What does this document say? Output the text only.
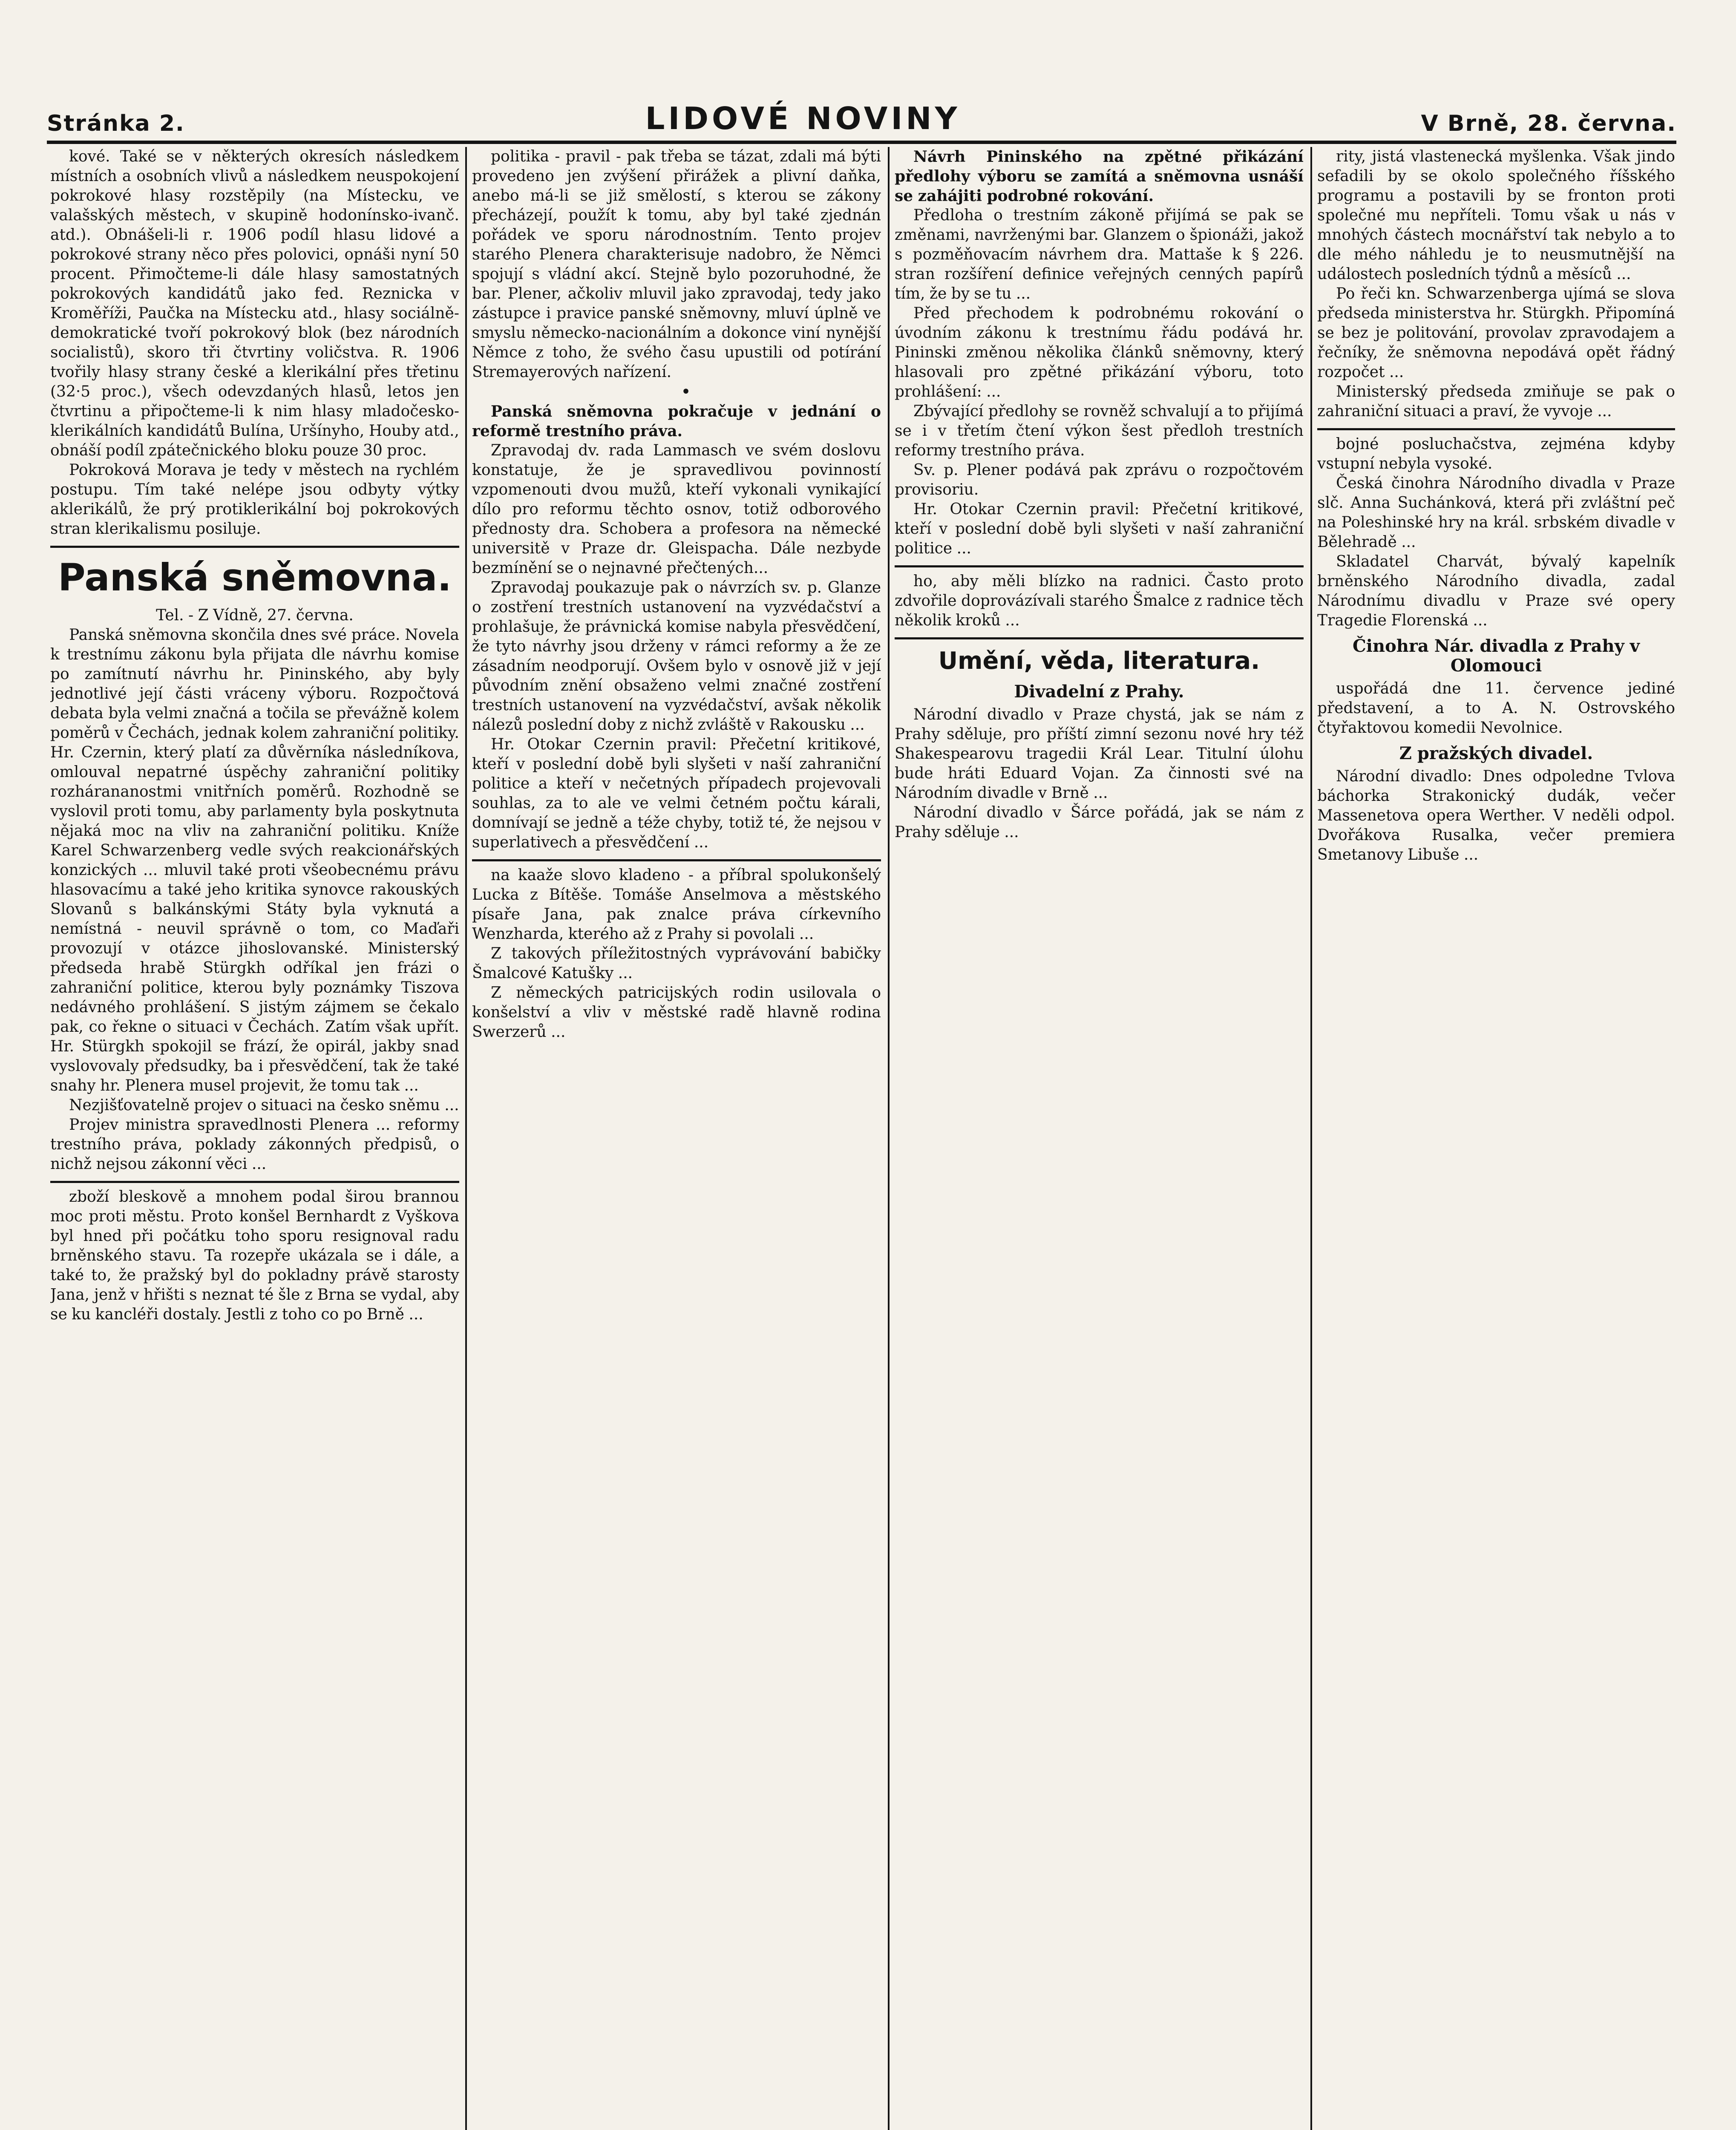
Stránka 2.	LIDOVÉ NOVINY	V Brně, 28. června.

kové. Také se v některých okresích následkem místních a osobních vlivů a následkem neuspokojení pokrokové hlasy rozstěpily (na Místecku, ve valašských městech, v skupině hodonínsko-ivanč. atd.). Obnášeli-li r. 1906 podíl hlasu lidové a pokrokové strany něco přes polovici, opnáši nyní 50 procent. Přimočteme-li dále hlasy samostatných pokrokových kandidátů jako fed. Reznicka v Kroměříži, Paučka na Místecku atd., hlasy sociálně-demokratické tvoří pokrokový blok (bez národních socialistů), skoro tři čtvrtiny voličstva. R. 1906 tvořily hlasy strany české a klerikální přes třetinu (32·5 proc.), všech odevzdaných hlasů, letos jen čtvrtinu a připočteme-li k nim hlasy mladočesko-klerikálních kandidátů Bulína, Uršínyho, Houby atd., obnáší podíl zpátečnického bloku pouze 30 proc.

Pokroková Morava je tedy v městech na rychlém postupu. Tím také nelépe jsou odbyty výtky aklerikálů, že prý protiklerikální boj pokrokových stran klerikalismu posiluje.

Panská sněmovna.

Tel. - Z Vídně, 27. června.

Panská sněmovna skončila dnes své práce. Novela k trestnímu zákonu byla přijata dle návrhu komise po zamítnutí návrhu hr. Pininského, aby byly jednotlivé její části vráceny výboru. Rozpočtová debata byla velmi značná a točila se převážně kolem poměrů v Čechách, jednak kolem zahraniční politiky. Hr. Czernin, který platí za důvěrníka následníkova, omlouval nepatrné úspěchy zahraniční politiky rozhárananostmi vnitřních poměrů. Rozhodně se vyslovil proti tomu, aby parlamenty byla poskytnuta nějaká moc na vliv na zahraniční politiku. Kníže Karel Schwarzenberg vedle svých reakcionářských konzických ... mluvil také proti všeobecnému právu hlasovacímu a také jeho kritika synovce rakouských Slovanů s balkánskými Státy byla vyknutá a nemístná - neuvil správně o tom, co Maďaři provozují v otázce jihoslovanské. Ministerský předseda hrabě Stürgkh odříkal jen frázi o zahraniční politice, kterou byly poznámky Tiszova nedávného prohlášení. S jistým zájmem se čekalo pak, co řekne o situaci v Čechách. Zatím však upřít. Hr. Stürgkh spokojil se frází, že opirál, jakby snad vyslovovaly předsudky, ba i přesvědčení, tak že také snahy hr. Plenera musel projevit, že tomu tak ...

Nezjišťovatelně projev o situaci na česko sněmu ...

Projev ministra spravedlnosti Plenera ... reformy trestního práva, poklady zákonných předpisů, o nichž nejsou zákonní věci ...

zboží bleskově a mnohem podal širou brannou moc proti městu. Proto konšel Bernhardt z Vyškova byl hned při počátku toho sporu resignoval radu brněnského stavu. Ta rozepře ukázala se i dále, a také to, že pražský byl do pokladny právě starosty Jana, jenž v hřišti s neznat té šle z Brna se vydal, aby se ku kancléři dostaly. Jestli z toho co po Brně ...

politika - pravil - pak třeba se tázat, zdali má býti provedeno jen zvýšení přirážek a plivní daňka, anebo má-li se již smělostí, s kterou se zákony přecházejí, použít k tomu, aby byl také zjednán pořádek ve sporu národnostním. Tento projev starého Plenera charakterisuje nadobro, že Němci spojují s vládní akcí. Stejně bylo pozoruhodné, že bar. Plener, ačkoliv mluvil jako zpravodaj, tedy jako zástupce i pravice panské sněmovny, mluví úplně ve smyslu německo-nacionálním a dokonce viní nynější Němce z toho, že svého času upustili od potírání Stremayerových nařízení.

•

Panská sněmovna pokračuje v jednání o reformě trestního práva.

Zpravodaj dv. rada Lammasch ve svém doslovu konstatuje, že je spravedlivou povinností vzpomenouti dvou mužů, kteří vykonali vynikající dílo pro reformu těchto osnov, totiž odborového přednosty dra. Schobera a profesora na německé universitě v Praze dr. Gleispacha. Dále nezbyde bezmínění se o nejnavné přečtených...

Zpravodaj poukazuje pak o návrzích sv. p. Glanze o zostření trestních ustanovení na vyzvédačství a prohlašuje, že právnická komise nabyla přesvědčení, že tyto návrhy jsou drženy v rámci reformy a že ze zásadním neodporují. Ovšem bylo v osnově již v její původním znění obsaženo velmi značné zostření trestních ustanovení na vyzvédačství, avšak několik nálezů poslední doby z nichž zvláště v Rakousku ...

Hr. Otokar Czernin pravil: Přečetní kritikové, kteří v poslední době byli slyšeti v naší zahraniční politice a kteří v nečetných případech projevovali souhlas, za to ale ve velmi četném počtu kárali, domnívají se jedně a téže chyby, totiž té, že nejsou v superlativech a přesvědčení ...

na kaaže slovo kladeno - a příbral spolukonšelý Lucka z Bítěše. Tomáše Anselmova a městského písaře Jana, pak znalce práva církevního Wenzharda, kterého až z Prahy si povolali ...

Z takových příležitostných vyprávování babičky Šmalcové Katušky ...

Z německých patricijských rodin usilovala o konšelství a vliv v městské radě hlavně rodina Swerzerů ...

Návrh Pininského na zpětné přikázání předlohy výboru se zamítá a sněmovna usnáší se zahájiti podrobné rokování.

Předloha o trestním zákoně přijímá se pak se změnami, navrženými bar. Glanzem o špionáži, jakož s pozměňovacím návrhem dra. Mattaše k § 226. stran rozšíření definice veřejných cenných papírů tím, že by se tu ...

Před přechodem k podrobnému rokování o úvodním zákonu k trestnímu řádu podává hr. Pininski změnou několika článků sněmovny, který hlasovali pro zpětné přikázání výboru, toto prohlášení: ...

Zbývající předlohy se rovněž schvalují a to přijímá se i v třetím čtení výkon šest předloh trestních reformy trestního práva.

Sv. p. Plener podává pak zprávu o rozpočtovém provisoriu.

Hr. Otokar Czernin pravil: Přečetní kritikové, kteří v poslední době byli slyšeti v naší zahraniční politice ...

ho, aby měli blízko na radnici. Často proto zdvořile doprovázívali starého Šmalce z radnice těch několik kroků ...

Umění, věda, literatura.

Divadelní z Prahy.

Národní divadlo v Praze chystá, jak se nám z Prahy sděluje, pro příští zimní sezonu nové hry též Shakespearovu tragedii Král Lear. Titulní úlohu bude hráti Eduard Vojan. Za činnosti své na Národním divadle v Brně ...

Národní divadlo v Šárce pořádá, jak se nám z Prahy sděluje ...

rity, jistá vlastenecká myšlenka. Však jindo sefadili by se okolo společného říšského programu a postavili by se fronton proti společné mu nepříteli. Tomu však u nás v mnohých částech mocnářství tak nebylo a to dle mého náhledu je to neusmutnější na událostech posledních týdnů a měsíců ...

Po řeči kn. Schwarzenberga ujímá se slova předseda ministerstva hr. Stürgkh. Připomíná se bez je politování, provolav zpravodajem a řečníky, že sněmovna nepodává opět řádný rozpočet ...

Ministerský předseda zmiňuje se pak o zahraniční situaci a praví, že vyvoje ...

bojné posluchačstva, zejména kdyby vstupní nebyla vysoké.

Česká činohra Národního divadla v Praze slč. Anna Suchánková, která při zvláštní peč na Poleshinské hry na král. srbském divadle v Bělehradě ...

Skladatel Charvát, bývalý kapelník brněnského Národního divadla, zadal Národnímu divadlu v Praze své opery Tragedie Florenská ...

Činohra Nár. divadla z Prahy v Olomouci

uspořádá dne 11. července jediné představení, a to A. N. Ostrovského čtyřaktovou komedii Nevolnice.

Z pražských divadel.

Národní divadlo: Dnes odpoledne Tvlova báchorka Strakonický dudák, večer Massenetova opera Werther. V neděli odpol. Dvořákova Rusalka, večer premiera Smetanovy Libuše ...
